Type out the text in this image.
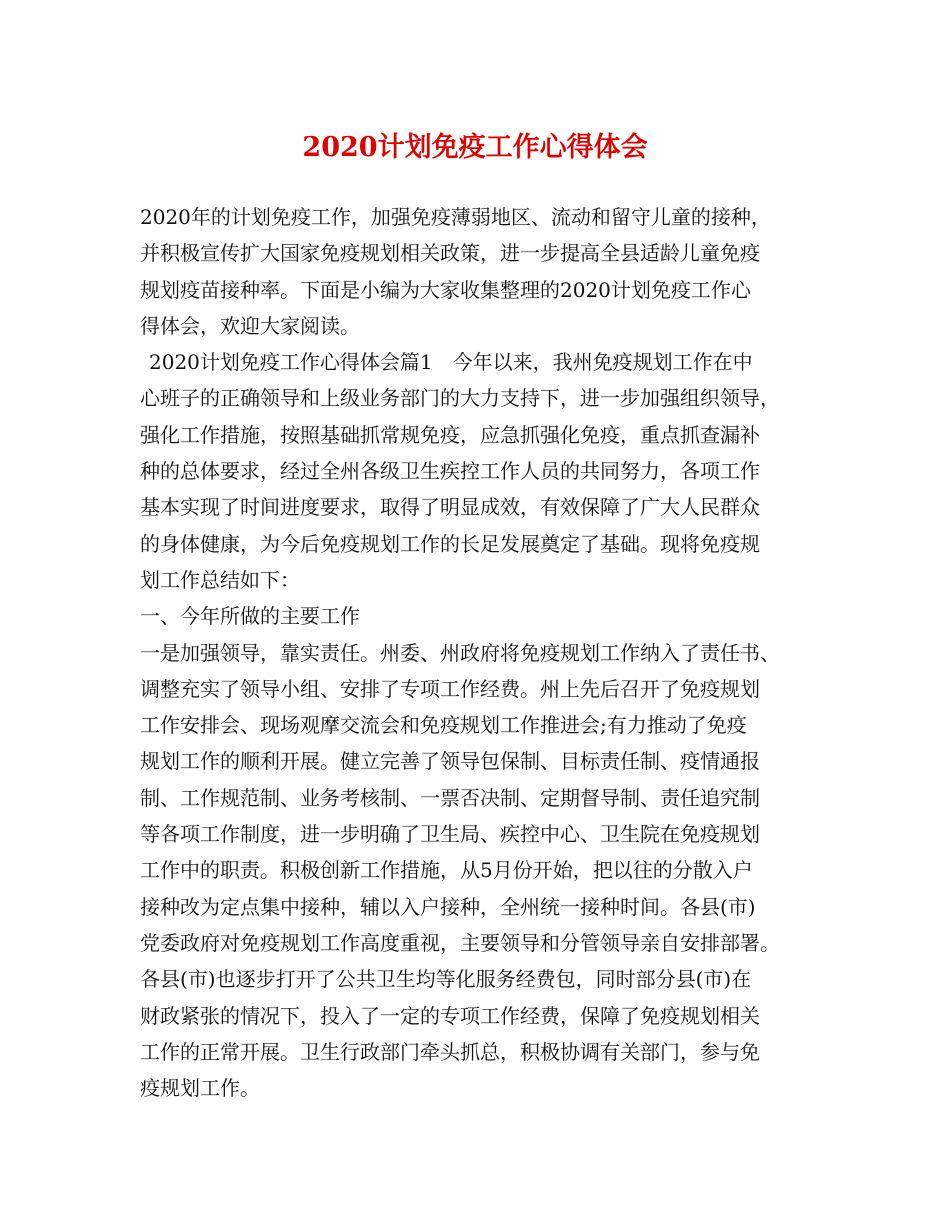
2020计划免疫工作心得体会
2020年的计划免疫工作，加强免疫薄弱地区、流动和留守儿童的接种，
并积极宣传扩大国家免疫规划相关政策，进一步提高全县适龄儿童免疫
规划疫苗接种率。下面是小编为大家收集整理的2020计划免疫工作心
得体会，欢迎大家阅读。
2020计划免疫工作心得体会篇1　今年以来，我州免疫规划工作在中
心班子的正确领导和上级业务部门的大力支持下，进一步加强组织领导，
强化工作措施，按照基础抓常规免疫，应急抓强化免疫，重点抓查漏补
种的总体要求，经过全州各级卫生疾控工作人员的共同努力，各项工作
基本实现了时间进度要求，取得了明显成效，有效保障了广大人民群众
的身体健康，为今后免疫规划工作的长足发展奠定了基础。现将免疫规
划工作总结如下：
一、今年所做的主要工作
一是加强领导，靠实责任。州委、州政府将免疫规划工作纳入了责任书、
调整充实了领导小组、安排了专项工作经费。州上先后召开了免疫规划
工作安排会、现场观摩交流会和免疫规划工作推进会;有力推动了免疫
规划工作的顺利开展。健立完善了领导包保制、目标责任制、疫情通报
制、工作规范制、业务考核制、一票否决制、定期督导制、责任追究制
等各项工作制度，进一步明确了卫生局、疾控中心、卫生院在免疫规划
工作中的职责。积极创新工作措施，从5月份开始，把以往的分散入户
接种改为定点集中接种，辅以入户接种，全州统一接种时间。各县(市)
党委政府对免疫规划工作高度重视，主要领导和分管领导亲自安排部署。
各县(市)也逐步打开了公共卫生均等化服务经费包，同时部分县(市)在
财政紧张的情况下，投入了一定的专项工作经费，保障了免疫规划相关
工作的正常开展。卫生行政部门牵头抓总，积极协调有关部门，参与免
疫规划工作。
